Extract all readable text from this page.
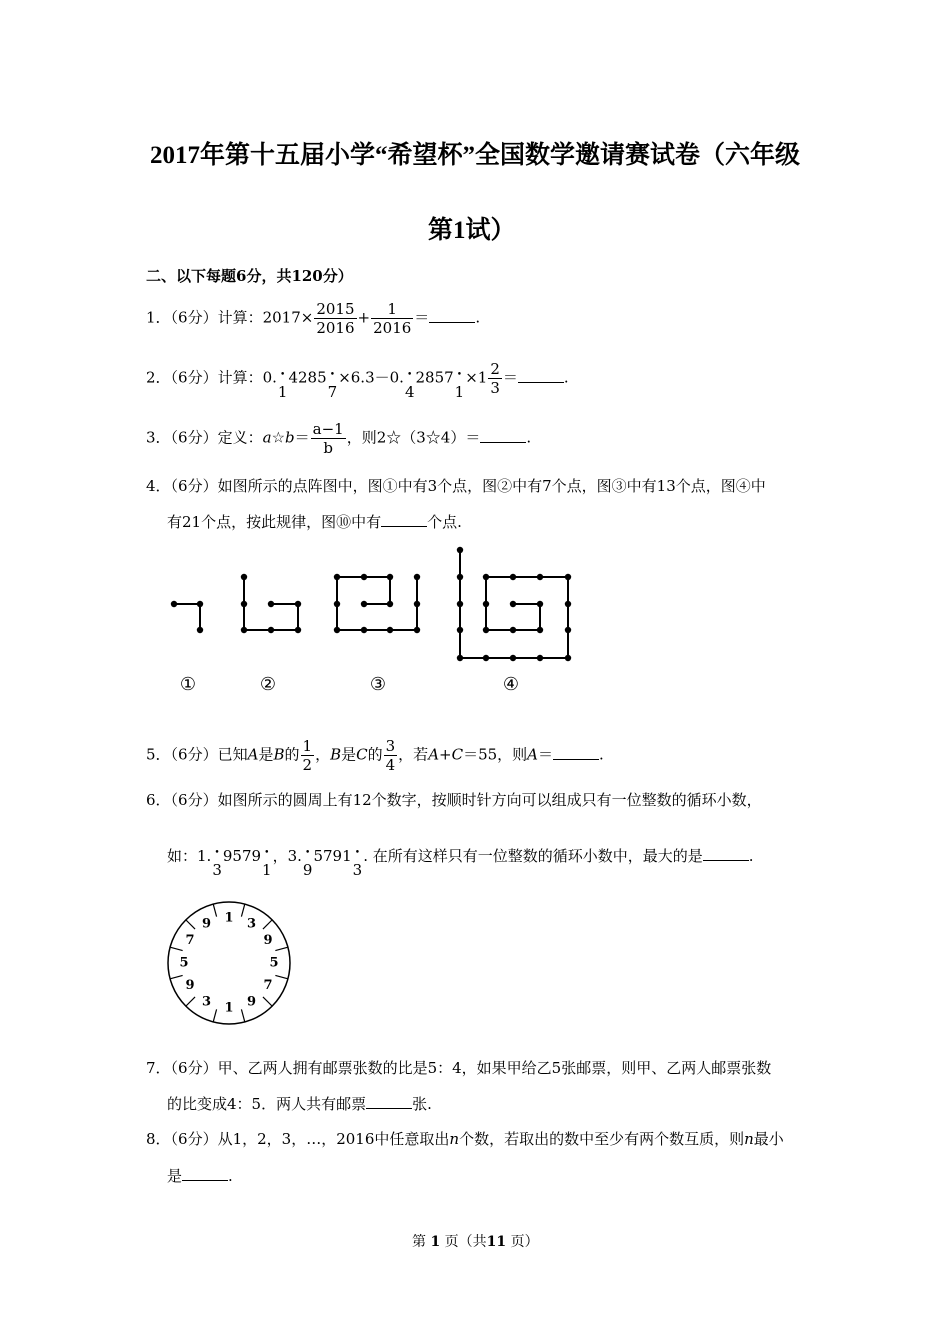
2017年第十五届小学“希望杯”全国数学邀请赛试卷（六年级
第1试）
二、以下每题6分，共120分）
1．（6分）计算：$2017\times \frac{2015}{2016} + \frac{1}{2016}$ ＝	.
2．（6分）计算：0. •
14285 •
7×6.3－0. •
42857 •
$1\times 1 \frac{2}{3}$ ＝	.
3．（6分）定义：a☆b＝ $\frac{a-1}{b}$ ，则2☆（3☆4）＝	.
4．（6分）如图所示的点阵图中，图①中有3个点，图②中有7个点，图③中有13个点，图④中
有21个点，按此规律，图⑩中有	个点.
①	②	③	④
5．（6分）已知A是B的 $\frac{1}{2}$ ，B是C的 $\frac{3}{4}$ ，若A+C＝55，则A＝	.
6．（6分）如图所示的圆周上有12个数字，按顺时针方向可以组成只有一位整数的循环小数，
如：1. •
39579 •
1，3. •
95791 •
3. 在所有这样只有一位整数的循环小数中，最大的是	.
1 3
9
5
7
9
1
3
9
5
7
9
7．（6分）甲、乙两人拥有邮票张数的比是5：4，如果甲给乙5张邮票，则甲、乙两人邮票张数
的比变成4：5．两人共有邮票	张.
8．（6分）从1，2，3，…，2016中任意取出n个数，若取出的数中至少有两个数互质，则n最小
是	.
第 1 页（共11 页）
